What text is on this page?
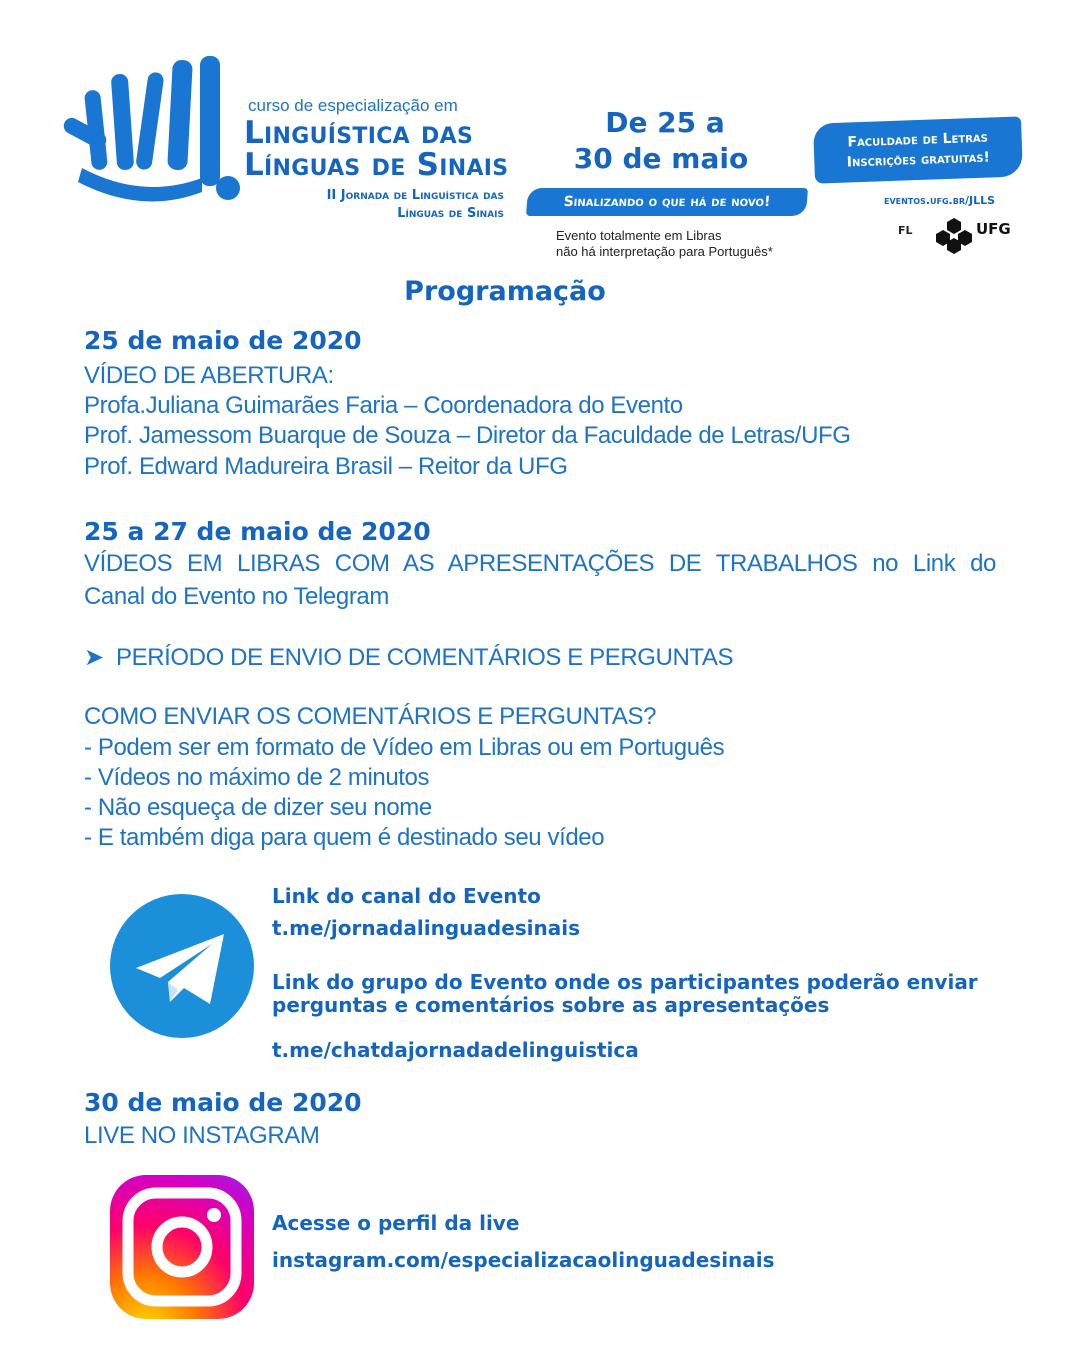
curso de especialização em
Linguística das
Línguas de Sinais
II Jornada de Linguística das
Línguas de Sinais
De 25 a
30 de maio
Sinalizando o que há de novo!
Evento totalmente em Libras
não há interpretação para Português*
Faculdade de Letras
Inscrições gratuitas!
eventos.ufg.br/JLLS
FL	UFG
Programação
25 de maio de 2020
VÍDEO DE ABERTURA:
Profa.Juliana Guimarães Faria – Coordenadora do Evento
Prof. Jamessom Buarque de Souza – Diretor da Faculdade de Letras/UFG
Prof. Edward Madureira Brasil – Reitor da UFG
25 a 27 de maio de 2020
VÍDEOS EM LIBRAS COM AS APRESENTAÇÕES DE TRABALHOS no Link do
Canal do Evento no Telegram
➤ PERÍODO DE ENVIO DE COMENTÁRIOS E PERGUNTAS
COMO ENVIAR OS COMENTÁRIOS E PERGUNTAS?
- Podem ser em formato de Vídeo em Libras ou em Português
- Vídeos no máximo de 2 minutos
- Não esqueça de dizer seu nome
- E também diga para quem é destinado seu vídeo
Link do canal do Evento
t.me/jornadalinguadesinais
Link do grupo do Evento onde os participantes poderão enviar
perguntas e comentários sobre as apresentações
t.me/chatdajornadadelinguistica
30 de maio de 2020
LIVE NO INSTAGRAM
Acesse o perfil da live
instagram.com/especializacaolinguadesinais
